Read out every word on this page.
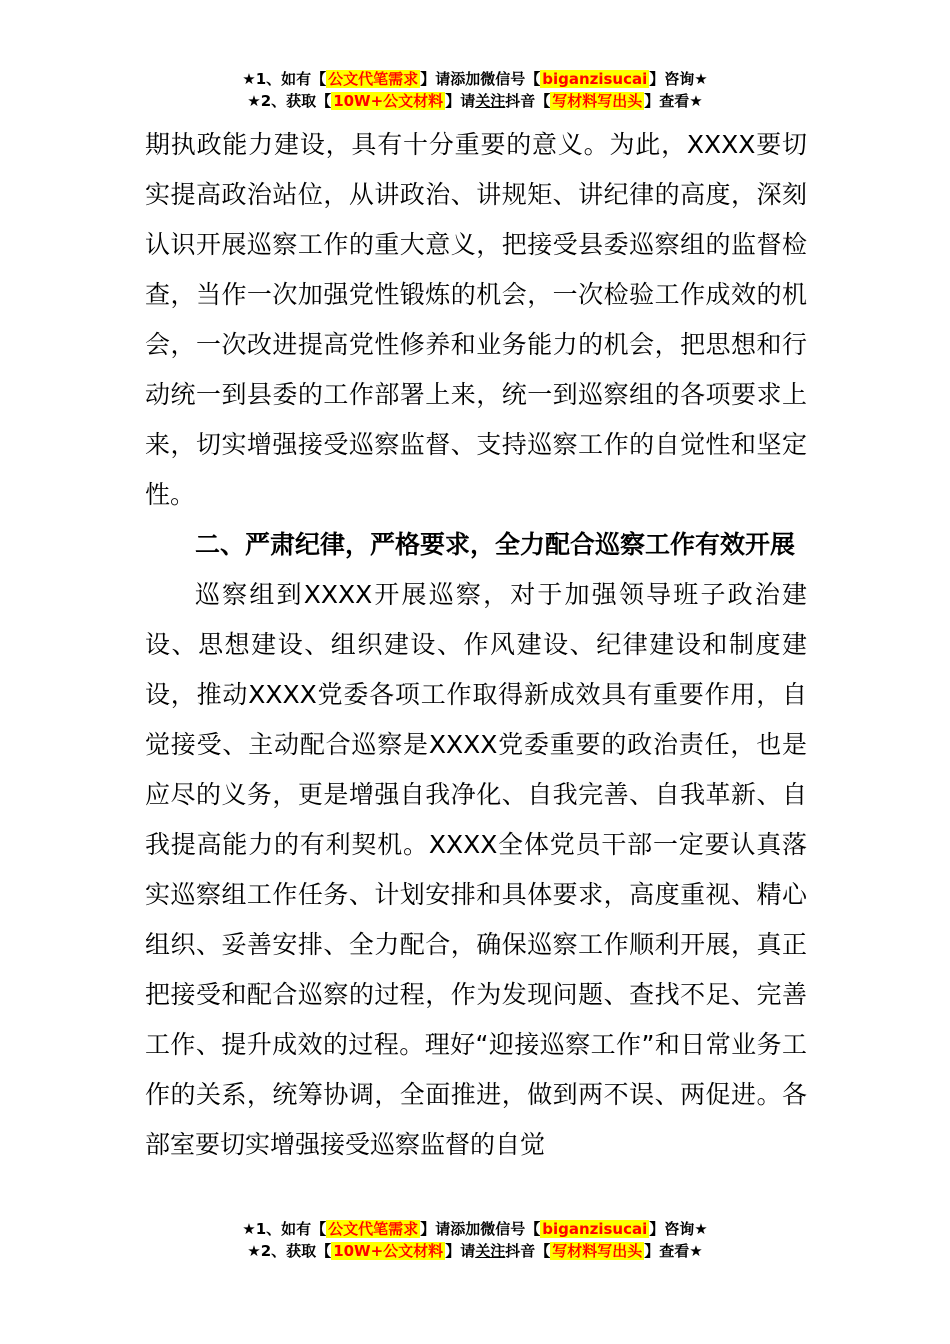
★1、如有【 公文代笔需求 】请添加微信号【 biganzisucai 】咨询★
★2、获取【 10W+公文材料 】请关注抖音【 写材料写出头 】查看★

期执政能力建设，具有十分重要的意义。为此，XXXX要切实提高政治站位，从讲政治、讲规矩、讲纪律的高度，深刻认识开展巡察工作的重大意义，把接受县委巡察组的监督检查，当作一次加强党性锻炼的机会，一次检验工作成效的机会，一次改进提高党性修养和业务能力的机会，把思想和行动统一到县委的工作部署上来，统一到巡察组的各项要求上来，切实增强接受巡察监督、支持巡察工作的自觉性和坚定性。

二、严肃纪律，严格要求，全力配合巡察工作有效开展

巡察组到XXXX开展巡察，对于加强领导班子政治建设、思想建设、组织建设、作风建设、纪律建设和制度建设，推动XXXX党委各项工作取得新成效具有重要作用，自觉接受、主动配合巡察是XXXX党委重要的政治责任，也是应尽的义务，更是增强自我净化、自我完善、自我革新、自我提高能力的有利契机。XXXX全体党员干部一定要认真落实巡察组工作任务、计划安排和具体要求，高度重视、精心组织、妥善安排、全力配合，确保巡察工作顺利开展，真正把接受和配合巡察的过程，作为发现问题、查找不足、完善工作、提升成效的过程。理好“迎接巡察工作”和日常业务工作的关系，统筹协调，全面推进，做到两不误、两促进。各部室要切实增强接受巡察监督的自觉

★1、如有【 公文代笔需求 】请添加微信号【 biganzisucai 】咨询★
★2、获取【 10W+公文材料 】请关注抖音【 写材料写出头 】查看★
